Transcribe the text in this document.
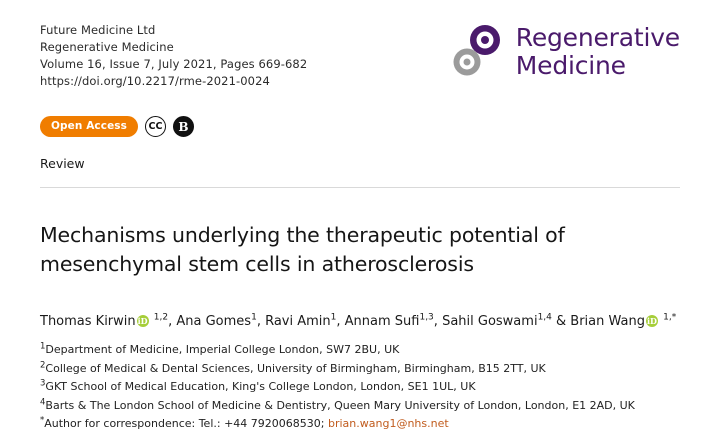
Future Medicine Ltd
Regenerative Medicine
Volume 16, Issue 7, July 2021, Pages 669-682
https://doi.org/10.2217/rme-2021-0024
Regenerative
Medicine
Open Access	CC	B
Review
Mechanisms underlying the therapeutic potential of mesenchymal stem cells in atherosclerosis
Thomas Kirwin iD $^{1,2}$, Ana Gomes$^1$, Ravi Amin$^1$, Annam Sufi$^{1,3}$, Sahil Goswami$^{1,4}$ & Brian Wang iD $^{1,*}$
$^1$Department of Medicine, Imperial College London, SW7 2BU, UK
$^2$College of Medical & Dental Sciences, University of Birmingham, Birmingham, B15 2TT, UK
$^3$GKT School of Medical Education, King's College London, London, SE1 1UL, UK
$^4$Barts & The London School of Medicine & Dentistry, Queen Mary University of London, London, E1 2AD, UK
*Author for correspondence: Tel.: +44 7920068530; brian.wang1@nhs.net
